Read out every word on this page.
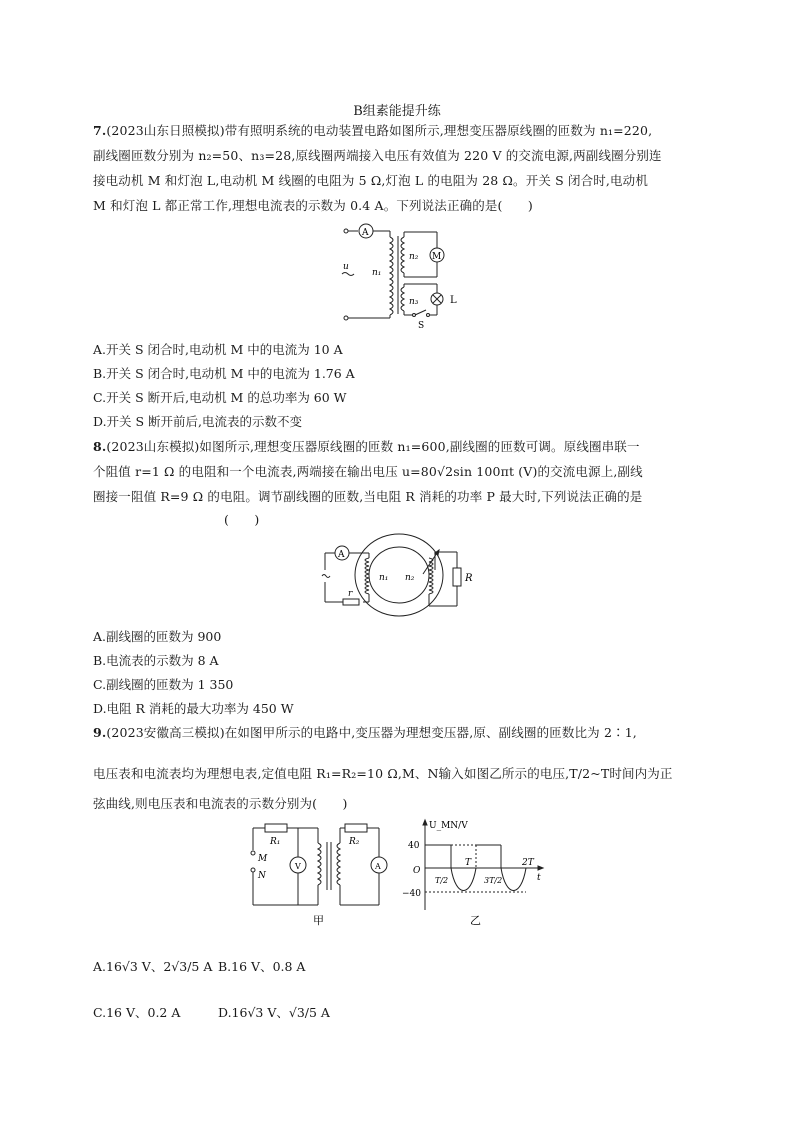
B组素能提升练
7.(2023山东日照模拟)带有照明系统的电动装置电路如图所示,理想变压器原线圈的匝数为 n₁=220,
副线圈匝数分别为 n₂=50、n₃=28,原线圈两端接入电压有效值为 220 V 的交流电源,两副线圈分别连
接电动机 M 和灯泡 L,电动机 M 线圈的电阻为 5 Ω,灯泡 L 的电阻为 28 Ω。开关 S 闭合时,电动机
M 和灯泡 L 都正常工作,理想电流表的示数为 0.4 A。下列说法正确的是(　　)
A
M
L
S
n₁
n₂
n₃
u
A.开关 S 闭合时,电动机 M 中的电流为 10 A
B.开关 S 闭合时,电动机 M 中的电流为 1.76 A
C.开关 S 断开后,电动机 M 的总功率为 60 W
D.开关 S 断开前后,电流表的示数不变
8.(2023山东模拟)如图所示,理想变压器原线圈的匝数 n₁=600,副线圈的匝数可调。原线圈串联一
个阻值 r=1 Ω 的电阻和一个电流表,两端接在输出电压 u=80√2sin 100πt (V)的交流电源上,副线
圈接一阻值 R=9 Ω 的电阻。调节副线圈的匝数,当电阻 R 消耗的功率 P 最大时,下列说法正确的是
(　　)
A
n₁ n₂
r
R
A.副线圈的匝数为 900
B.电流表的示数为 8 A
C.副线圈的匝数为 1 350
D.电阻 R 消耗的最大功率为 450 W
9.(2023安徽高三模拟)在如图甲所示的电路中,变压器为理想变压器,原、副线圈的匝数比为 2∶1,
电压表和电流表均为理想电表,定值电阻 R₁=R₂=10 Ω,M、N输入如图乙所示的电压,T/2~T时间内为正
弦曲线,则电压表和电流表的示数分别为(　　)
R₁	R₂
M
N
V	A
甲
U_MN/V
40
−40
O
T	2T
t
T/2	3T/2
乙
A.16√3 V、2√3/5 A B.16 V、0.8 A
C.16 V、0.2 A	D.16√3 V、√3/5 A
